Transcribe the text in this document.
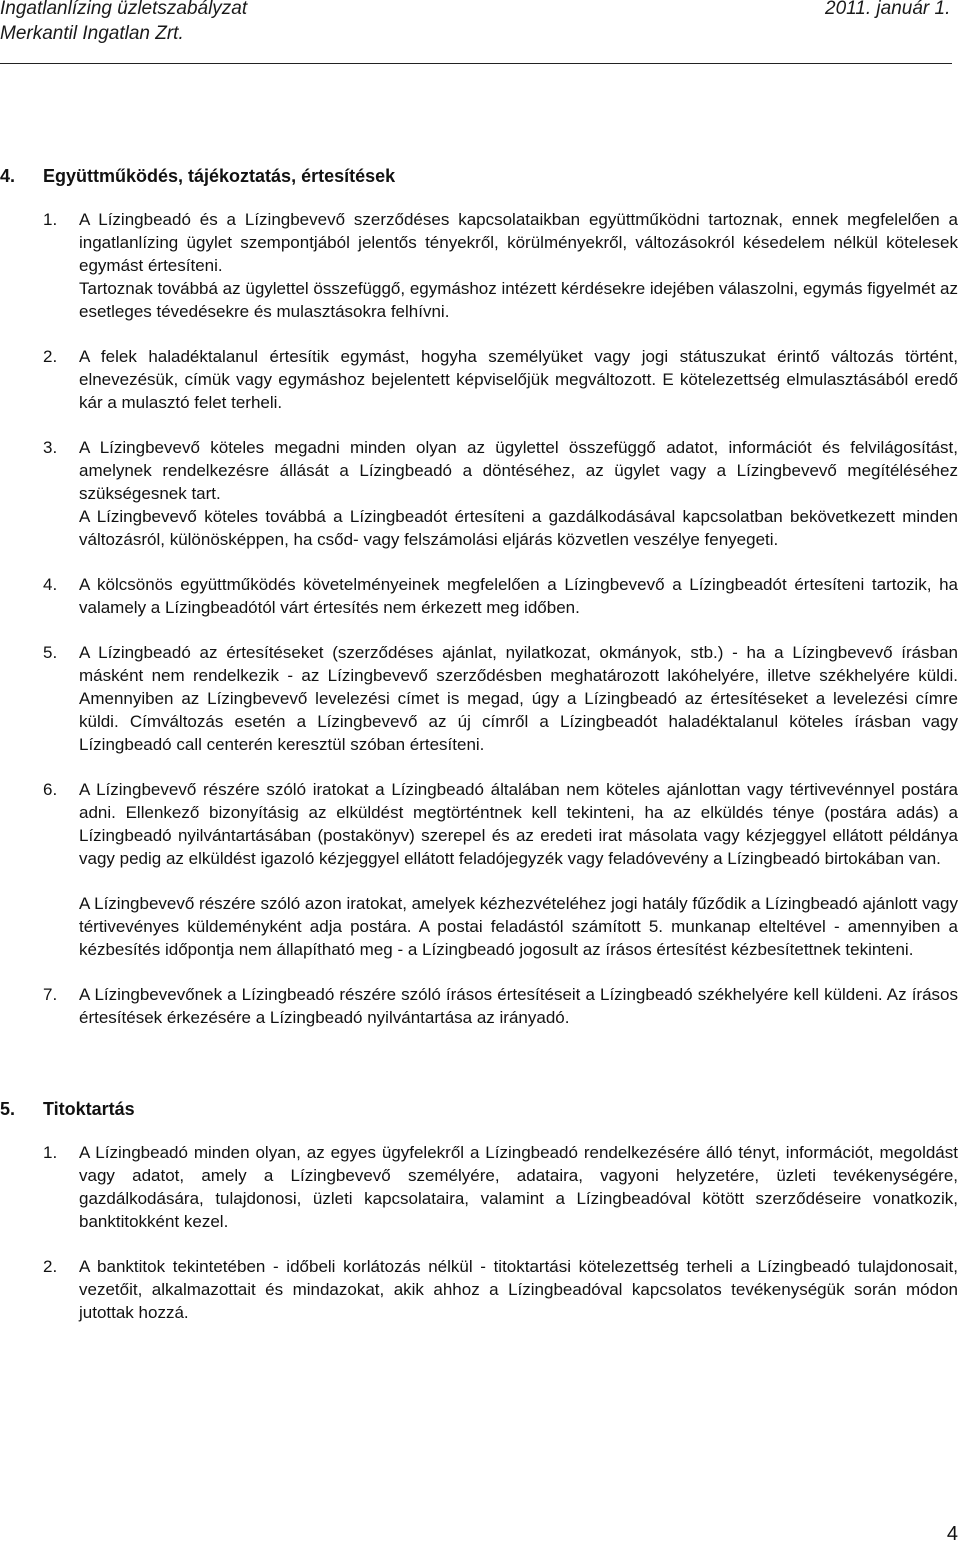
Ingatlanlízing üzletszabályzat	2011. január 1.
Merkantil Ingatlan Zrt.
4. Együttműködés, tájékoztatás, értesítések
1. A Lízingbeadó és a Lízingbevevő szerződéses kapcsolataikban együttműködni tartoznak, ennek megfelelően a ingatlanlízing ügylet szempontjából jelentős tényekről, körülményekről, változásokról késedelem nélkül kötelesek egymást értesíteni.

Tartoznak továbbá az ügylettel összefüggő, egymáshoz intézett kérdésekre idejében válaszolni, egymás figyelmét az esetleges tévedésekre és mulasztásokra felhívni.

2. A felek haladéktalanul értesítik egymást, hogyha személyüket vagy jogi státuszukat érintő változás történt, elnevezésük, címük vagy egymáshoz bejelentett képviselőjük megváltozott. E kötelezettség elmulasztásából eredő kár a mulasztó felet terheli.

3. A Lízingbevevő köteles megadni minden olyan az ügylettel összefüggő adatot, információt és felvilágosítást, amelynek rendelkezésre állását a Lízingbeadó a döntéséhez, az ügylet vagy a Lízingbevevő megítéléséhez szükségesnek tart.

A Lízingbevevő köteles továbbá a Lízingbeadót értesíteni a gazdálkodásával kapcsolatban bekövetkezett minden változásról, különösképpen, ha csőd- vagy felszámolási eljárás közvetlen veszélye fenyegeti.

4. A kölcsönös együttműködés követelményeinek megfelelően a Lízingbevevő a Lízingbeadót értesíteni tartozik, ha valamely a Lízingbeadótól várt értesítés nem érkezett meg időben.

5. A Lízingbeadó az értesítéseket (szerződéses ajánlat, nyilatkozat, okmányok, stb.) - ha a Lízingbevevő írásban másként nem rendelkezik - az Lízingbevevő szerződésben meghatározott lakóhelyére, illetve székhelyére küldi. Amennyiben az Lízingbevevő levelezési címet is megad, úgy a Lízingbeadó az értesítéseket a levelezési címre küldi. Címváltozás esetén a Lízingbevevő az új címről a Lízingbeadót haladéktalanul köteles írásban vagy Lízingbeadó call centerén keresztül szóban értesíteni.

6. A Lízingbevevő részére szóló iratokat a Lízingbeadó általában nem köteles ajánlottan vagy tértivevénnyel postára adni. Ellenkező bizonyításig az elküldést megtörténtnek kell tekinteni, ha az elküldés ténye (postára adás) a Lízingbeadó nyilvántartásában (postakönyv) szerepel és az eredeti irat másolata vagy kézjeggyel ellátott példánya vagy pedig az elküldést igazoló kézjeggyel ellátott feladójegyzék vagy feladóvevény a Lízingbeadó birtokában van.

A Lízingbevevő részére szóló azon iratokat, amelyek kézhezvételéhez jogi hatály fűződik a Lízingbeadó ajánlott vagy tértivevényes küldeményként adja postára. A postai feladástól számított 5. munkanap elteltével - amennyiben a kézbesítés időpontja nem állapítható meg - a Lízingbeadó jogosult az írásos értesítést kézbesítettnek tekinteni.

7. A Lízingbevevőnek a Lízingbeadó részére szóló írásos értesítéseit a Lízingbeadó székhelyére kell küldeni. Az írásos értesítések érkezésére a Lízingbeadó nyilvántartása az irányadó.

5. Titoktartás
1. A Lízingbeadó minden olyan, az egyes ügyfelekről a Lízingbeadó rendelkezésére álló tényt, információt, megoldást vagy adatot, amely a Lízingbevevő személyére, adataira, vagyoni helyzetére, üzleti tevékenységére, gazdálkodására, tulajdonosi, üzleti kapcsolataira, valamint a Lízingbeadóval kötött szerződéseire vonatkozik, banktitokként kezel.

2. A banktitok tekintetében - időbeli korlátozás nélkül - titoktartási kötelezettség terheli a Lízingbeadó tulajdonosait, vezetőit, alkalmazottait és mindazokat, akik ahhoz a Lízingbeadóval kapcsolatos tevékenységük során módon jutottak hozzá.

4
